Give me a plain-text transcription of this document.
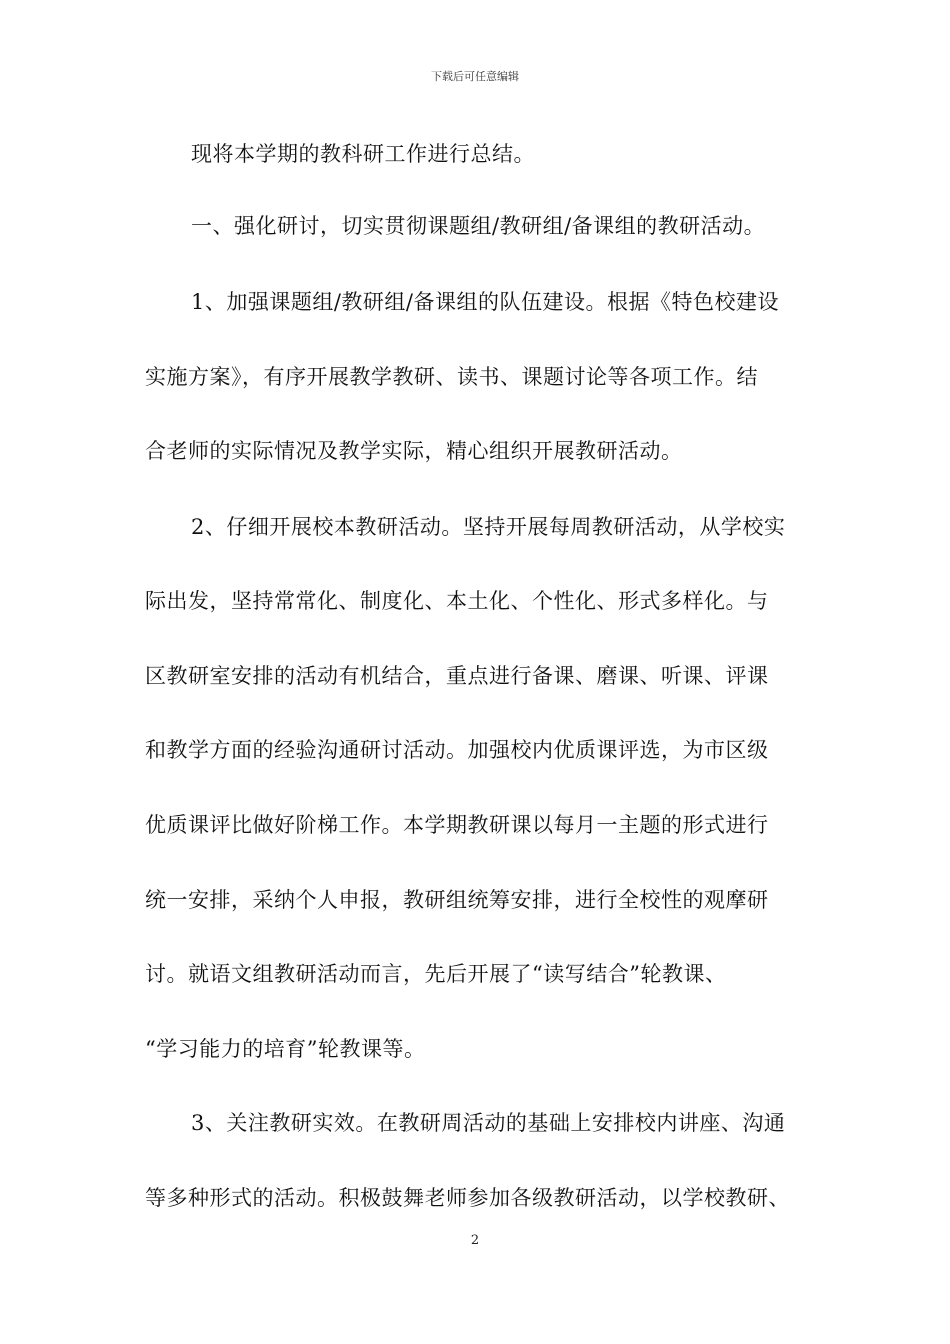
下载后可任意编辑
现将本学期的教科研工作进行总结。
一、强化研讨，切实贯彻课题组/教研组/备课组的教研活动。
1、加强课题组/教研组/备课组的队伍建设。根据《特色校建设
实施方案》，有序开展教学教研、读书、课题讨论等各项工作。结
合老师的实际情况及教学实际，精心组织开展教研活动。
2、仔细开展校本教研活动。坚持开展每周教研活动，从学校实
际出发，坚持常常化、制度化、本土化、个性化、形式多样化。与
区教研室安排的活动有机结合，重点进行备课、磨课、听课、评课
和教学方面的经验沟通研讨活动。加强校内优质课评选，为市区级
优质课评比做好阶梯工作。本学期教研课以每月一主题的形式进行
统一安排，采纳个人申报，教研组统筹安排，进行全校性的观摩研
讨。就语文组教研活动而言，先后开展了“读写结合”轮教课、
“学习能力的培育”轮教课等。
3、关注教研实效。在教研周活动的基础上安排校内讲座、沟通
等多种形式的活动。积极鼓舞老师参加各级教研活动，以学校教研、
2
